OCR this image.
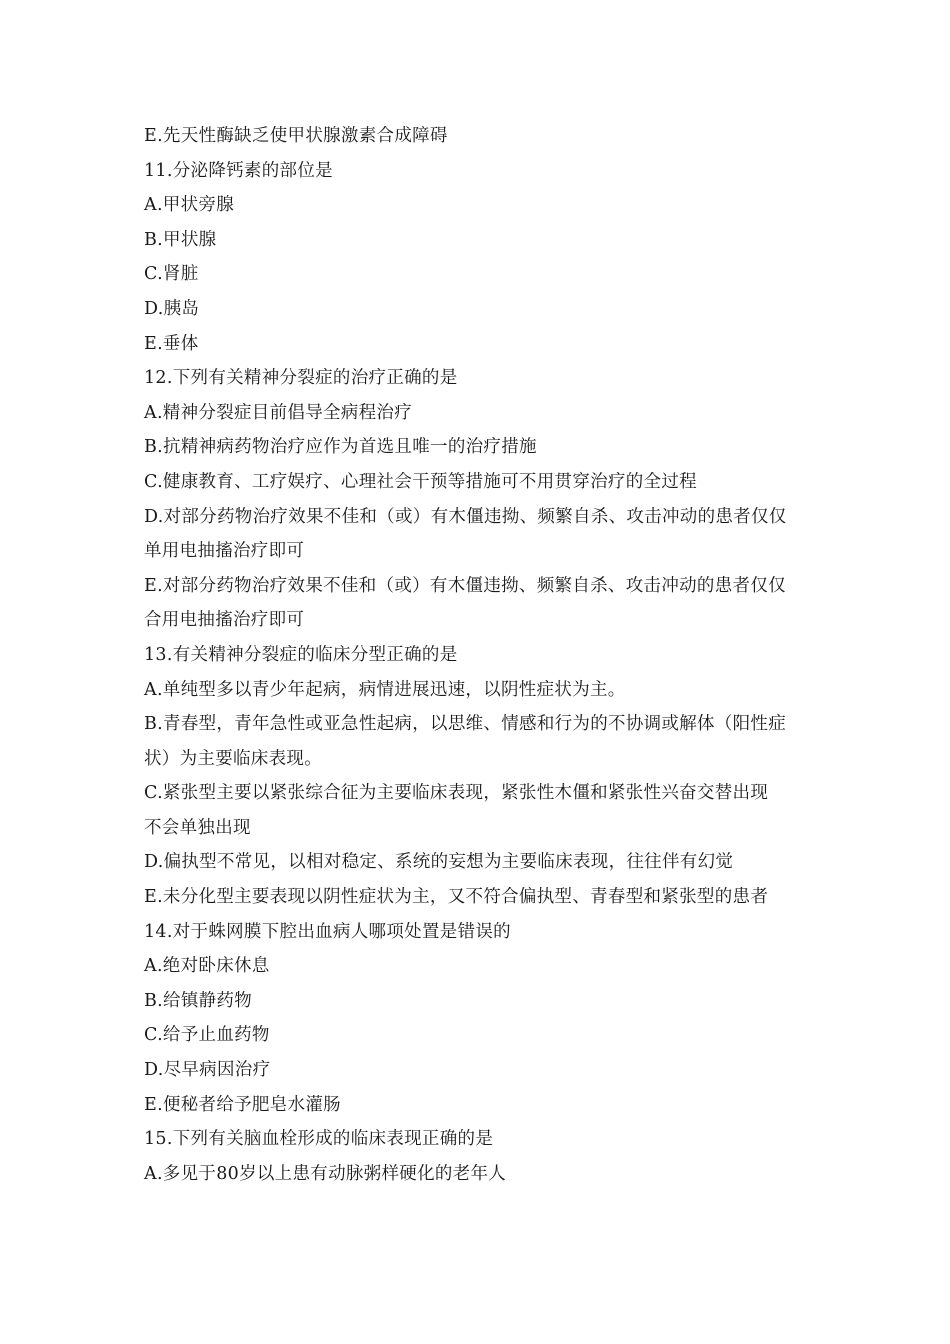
E.先天性酶缺乏使甲状腺激素合成障碍
11.分泌降钙素的部位是
A.甲状旁腺
B.甲状腺
C.肾脏
D.胰岛
E.垂体
12.下列有关精神分裂症的治疗正确的是
A.精神分裂症目前倡导全病程治疗
B.抗精神病药物治疗应作为首选且唯一的治疗措施
C.健康教育、工疗娱疗、心理社会干预等措施可不用贯穿治疗的全过程
D.对部分药物治疗效果不佳和（或）有木僵违拗、频繁自杀、攻击冲动的患者仅仅
单用电抽搐治疗即可
E.对部分药物治疗效果不佳和（或）有木僵违拗、频繁自杀、攻击冲动的患者仅仅
合用电抽搐治疗即可
13.有关精神分裂症的临床分型正确的是
A.单纯型多以青少年起病，病情进展迅速，以阴性症状为主。
B.青春型，青年急性或亚急性起病，以思维、情感和行为的不协调或解体（阳性症
状）为主要临床表现。
C.紧张型主要以紧张综合征为主要临床表现，紧张性木僵和紧张性兴奋交替出现
不会单独出现
D.偏执型不常见，以相对稳定、系统的妄想为主要临床表现，往往伴有幻觉
E.未分化型主要表现以阴性症状为主，又不符合偏执型、青春型和紧张型的患者
14.对于蛛网膜下腔出血病人哪项处置是错误的
A.绝对卧床休息
B.给镇静药物
C.给予止血药物
D.尽早病因治疗
E.便秘者给予肥皂水灌肠
15.下列有关脑血栓形成的临床表现正确的是
A.多见于80岁以上患有动脉粥样硬化的老年人
